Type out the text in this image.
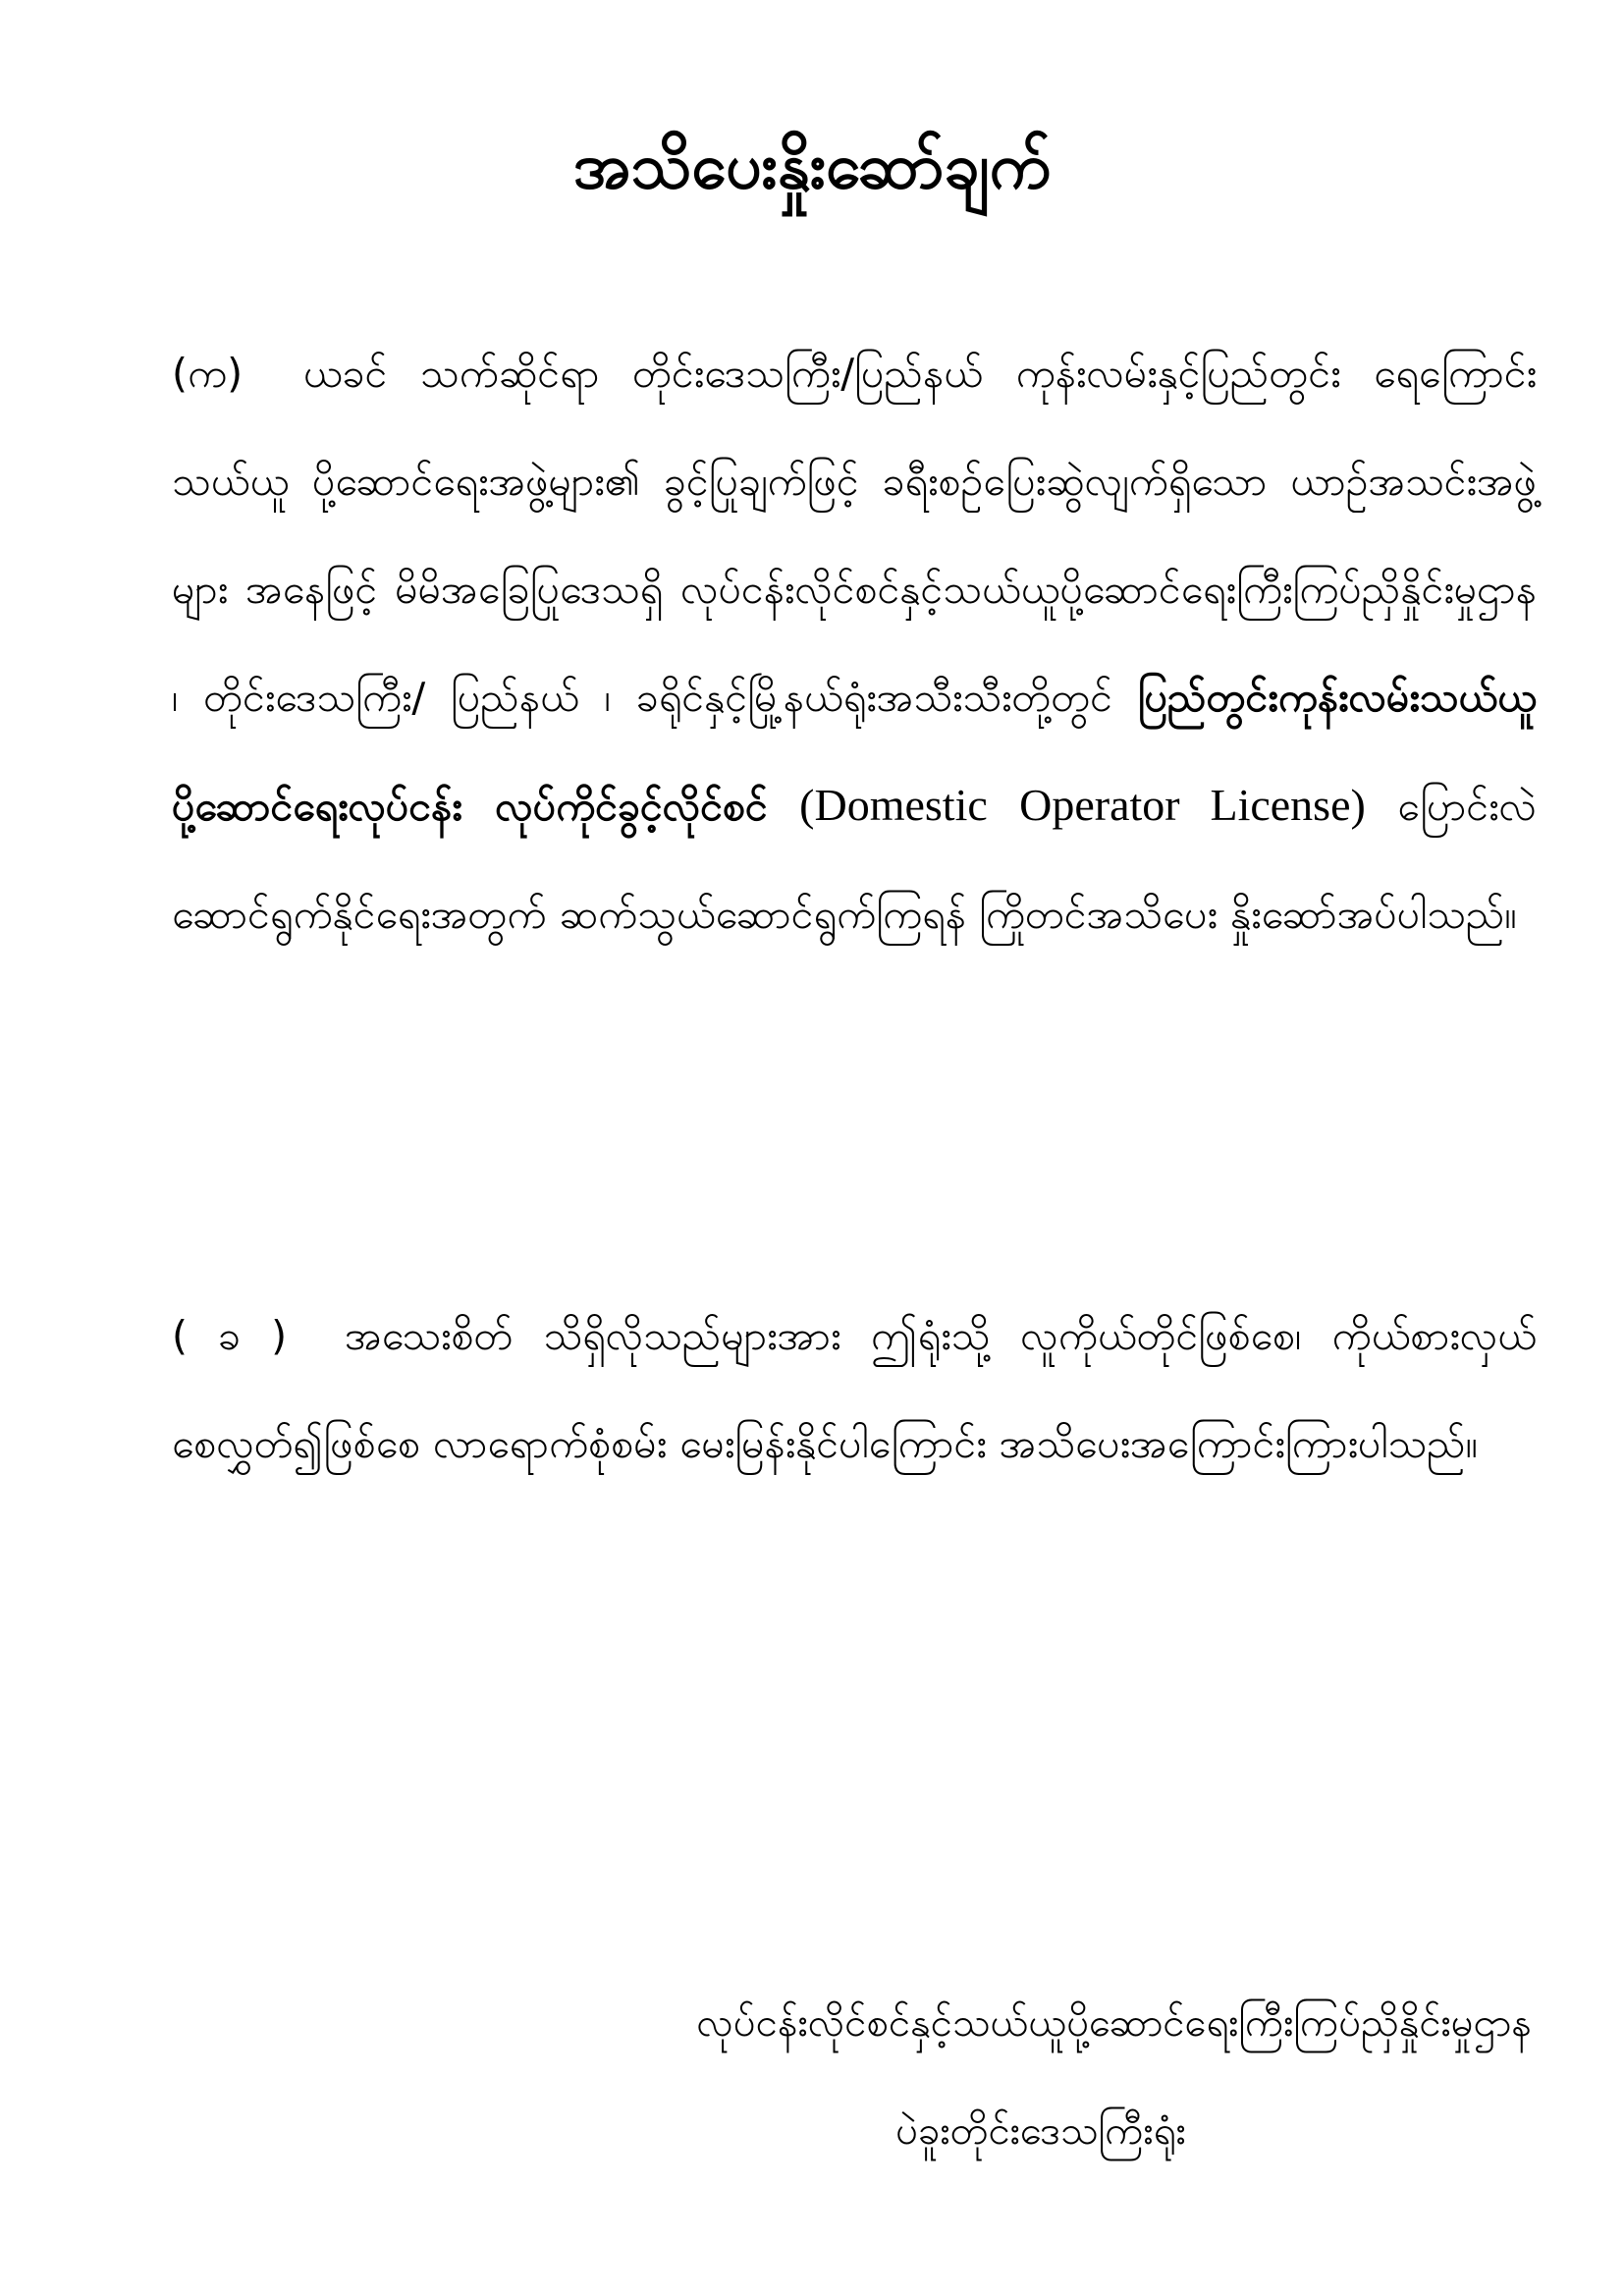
အသိပေးနှိုးဆော်ချက်
(က) ယခင် သက်ဆိုင်ရာ တိုင်းဒေသကြီး/ပြည်နယ် ကုန်းလမ်းနှင့်ပြည်တွင်း ရေကြောင်းသယ်ယူ ပို့ဆောင်ရေးအဖွဲ့များ၏ ခွင့်ပြုချက်ဖြင့် ခရီးစဉ်ပြေးဆွဲလျက်ရှိသော ယာဉ်အသင်းအဖွဲ့များ အနေဖြင့် မိမိအခြေပြုဒေသရှိ လုပ်ငန်းလိုင်စင်နှင့်သယ်ယူပို့ဆောင်ရေးကြီးကြပ်ညှိနှိုင်းမှုဌာန ၊ တိုင်းဒေသကြီး/ ပြည်နယ် ၊ ခရိုင်နှင့်မြို့နယ်ရုံးအသီးသီးတို့တွင် ပြည်တွင်းကုန်းလမ်းသယ်ယူပို့ဆောင်ရေးလုပ်ငန်း လုပ်ကိုင်ခွင့်လိုင်စင် (Domestic Operator License) ပြောင်းလဲ ဆောင်ရွက်နိုင်ရေးအတွက် ဆက်သွယ်ဆောင်ရွက်ကြရန် ကြိုတင်အသိပေး နှိုးဆော်အပ်ပါသည်။
( ခ ) အသေးစိတ် သိရှိလိုသည်များအား ဤရုံးသို့ လူကိုယ်တိုင်ဖြစ်စေ၊ ကိုယ်စားလှယ် စေလွှတ်၍ဖြစ်စေ လာရောက်စုံစမ်း မေးမြန်းနိုင်ပါကြောင်း အသိပေးအကြောင်းကြားပါသည်။
လုပ်ငန်းလိုင်စင်နှင့်သယ်ယူပို့ဆောင်ရေးကြီးကြပ်ညှိနှိုင်းမှုဌာန
ပဲခူးတိုင်းဒေသကြီးရုံး
